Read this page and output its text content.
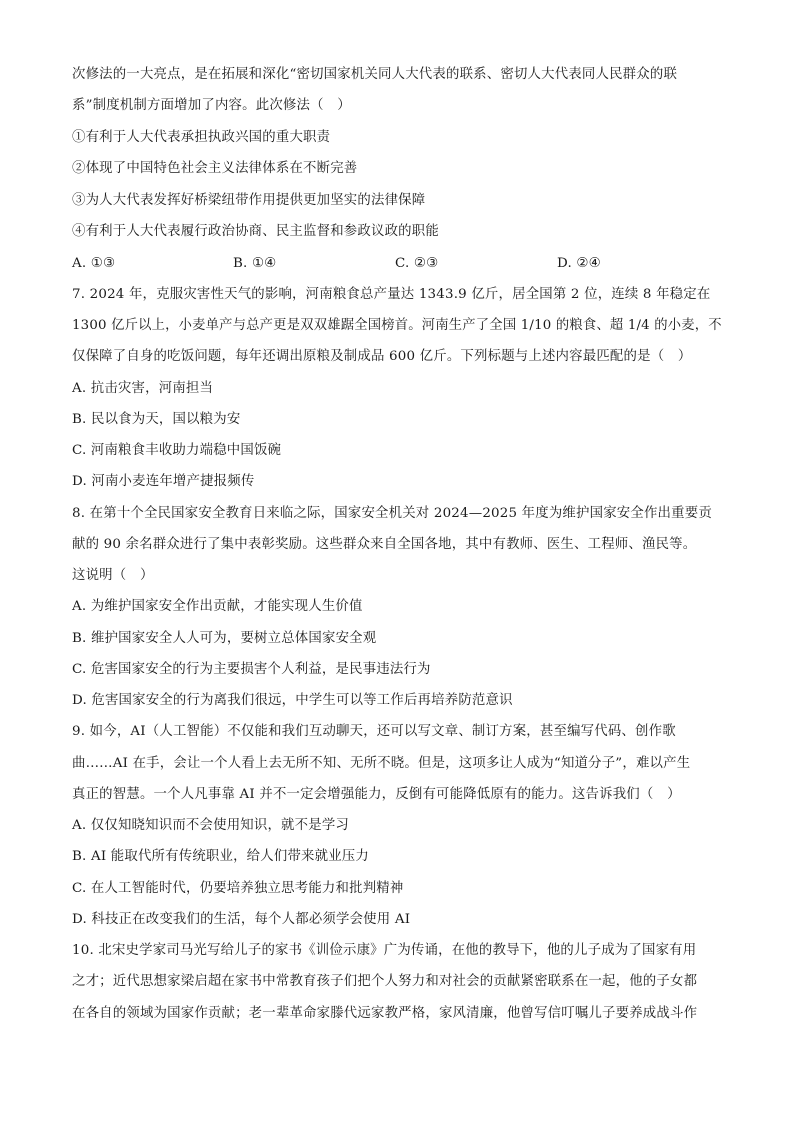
次修法的一大亮点，是在拓展和深化“密切国家机关同人大代表的联系、密切人大代表同人民群众的联
系”制度机制方面增加了内容。此次修法（　）
①有利于人大代表承担执政兴国的重大职责
②体现了中国特色社会主义法律体系在不断完善
③为人大代表发挥好桥梁纽带作用提供更加坚实的法律保障
④有利于人大代表履行政治协商、民主监督和参政议政的职能
A. ①③	B. ①④	C. ②③	D. ②④
7. 2024 年，克服灾害性天气的影响，河南粮食总产量达 1343.9 亿斤，居全国第 2 位，连续 8 年稳定在
1300 亿斤以上，小麦单产与总产更是双双雄踞全国榜首。河南生产了全国 1/10 的粮食、超 1/4 的小麦，不
仅保障了自身的吃饭问题，每年还调出原粮及制成品 600 亿斤。下列标题与上述内容最匹配的是（　）
A. 抗击灾害，河南担当
B. 民以食为天，国以粮为安
C. 河南粮食丰收助力端稳中国饭碗
D. 河南小麦连年增产捷报频传
8. 在第十个全民国家安全教育日来临之际，国家安全机关对 2024—2025 年度为维护国家安全作出重要贡
献的 90 余名群众进行了集中表彰奖励。这些群众来自全国各地，其中有教师、医生、工程师、渔民等。
这说明（　）
A. 为维护国家安全作出贡献，才能实现人生价值
B. 维护国家安全人人可为，要树立总体国家安全观
C. 危害国家安全的行为主要损害个人利益，是民事违法行为
D. 危害国家安全的行为离我们很远，中学生可以等工作后再培养防范意识
9. 如今，AI（人工智能）不仅能和我们互动聊天，还可以写文章、制订方案，甚至编写代码、创作歌
曲……AI 在手，会让一个人看上去无所不知、无所不晓。但是，这项多让人成为“知道分子”，难以产生
真正的智慧。一个人凡事靠 AI 并不一定会增强能力，反倒有可能降低原有的能力。这告诉我们（　）
A. 仅仅知晓知识而不会使用知识，就不是学习
B. AI 能取代所有传统职业，给人们带来就业压力
C. 在人工智能时代，仍要培养独立思考能力和批判精神
D. 科技正在改变我们的生活，每个人都必须学会使用 AI
10. 北宋史学家司马光写给儿子的家书《训俭示康》广为传诵，在他的教导下，他的儿子成为了国家有用
之才；近代思想家梁启超在家书中常教育孩子们把个人努力和对社会的贡献紧密联系在一起，他的子女都
在各自的领域为国家作贡献；老一辈革命家滕代远家教严格，家风清廉，他曾写信叮嘱儿子要养成战斗作
